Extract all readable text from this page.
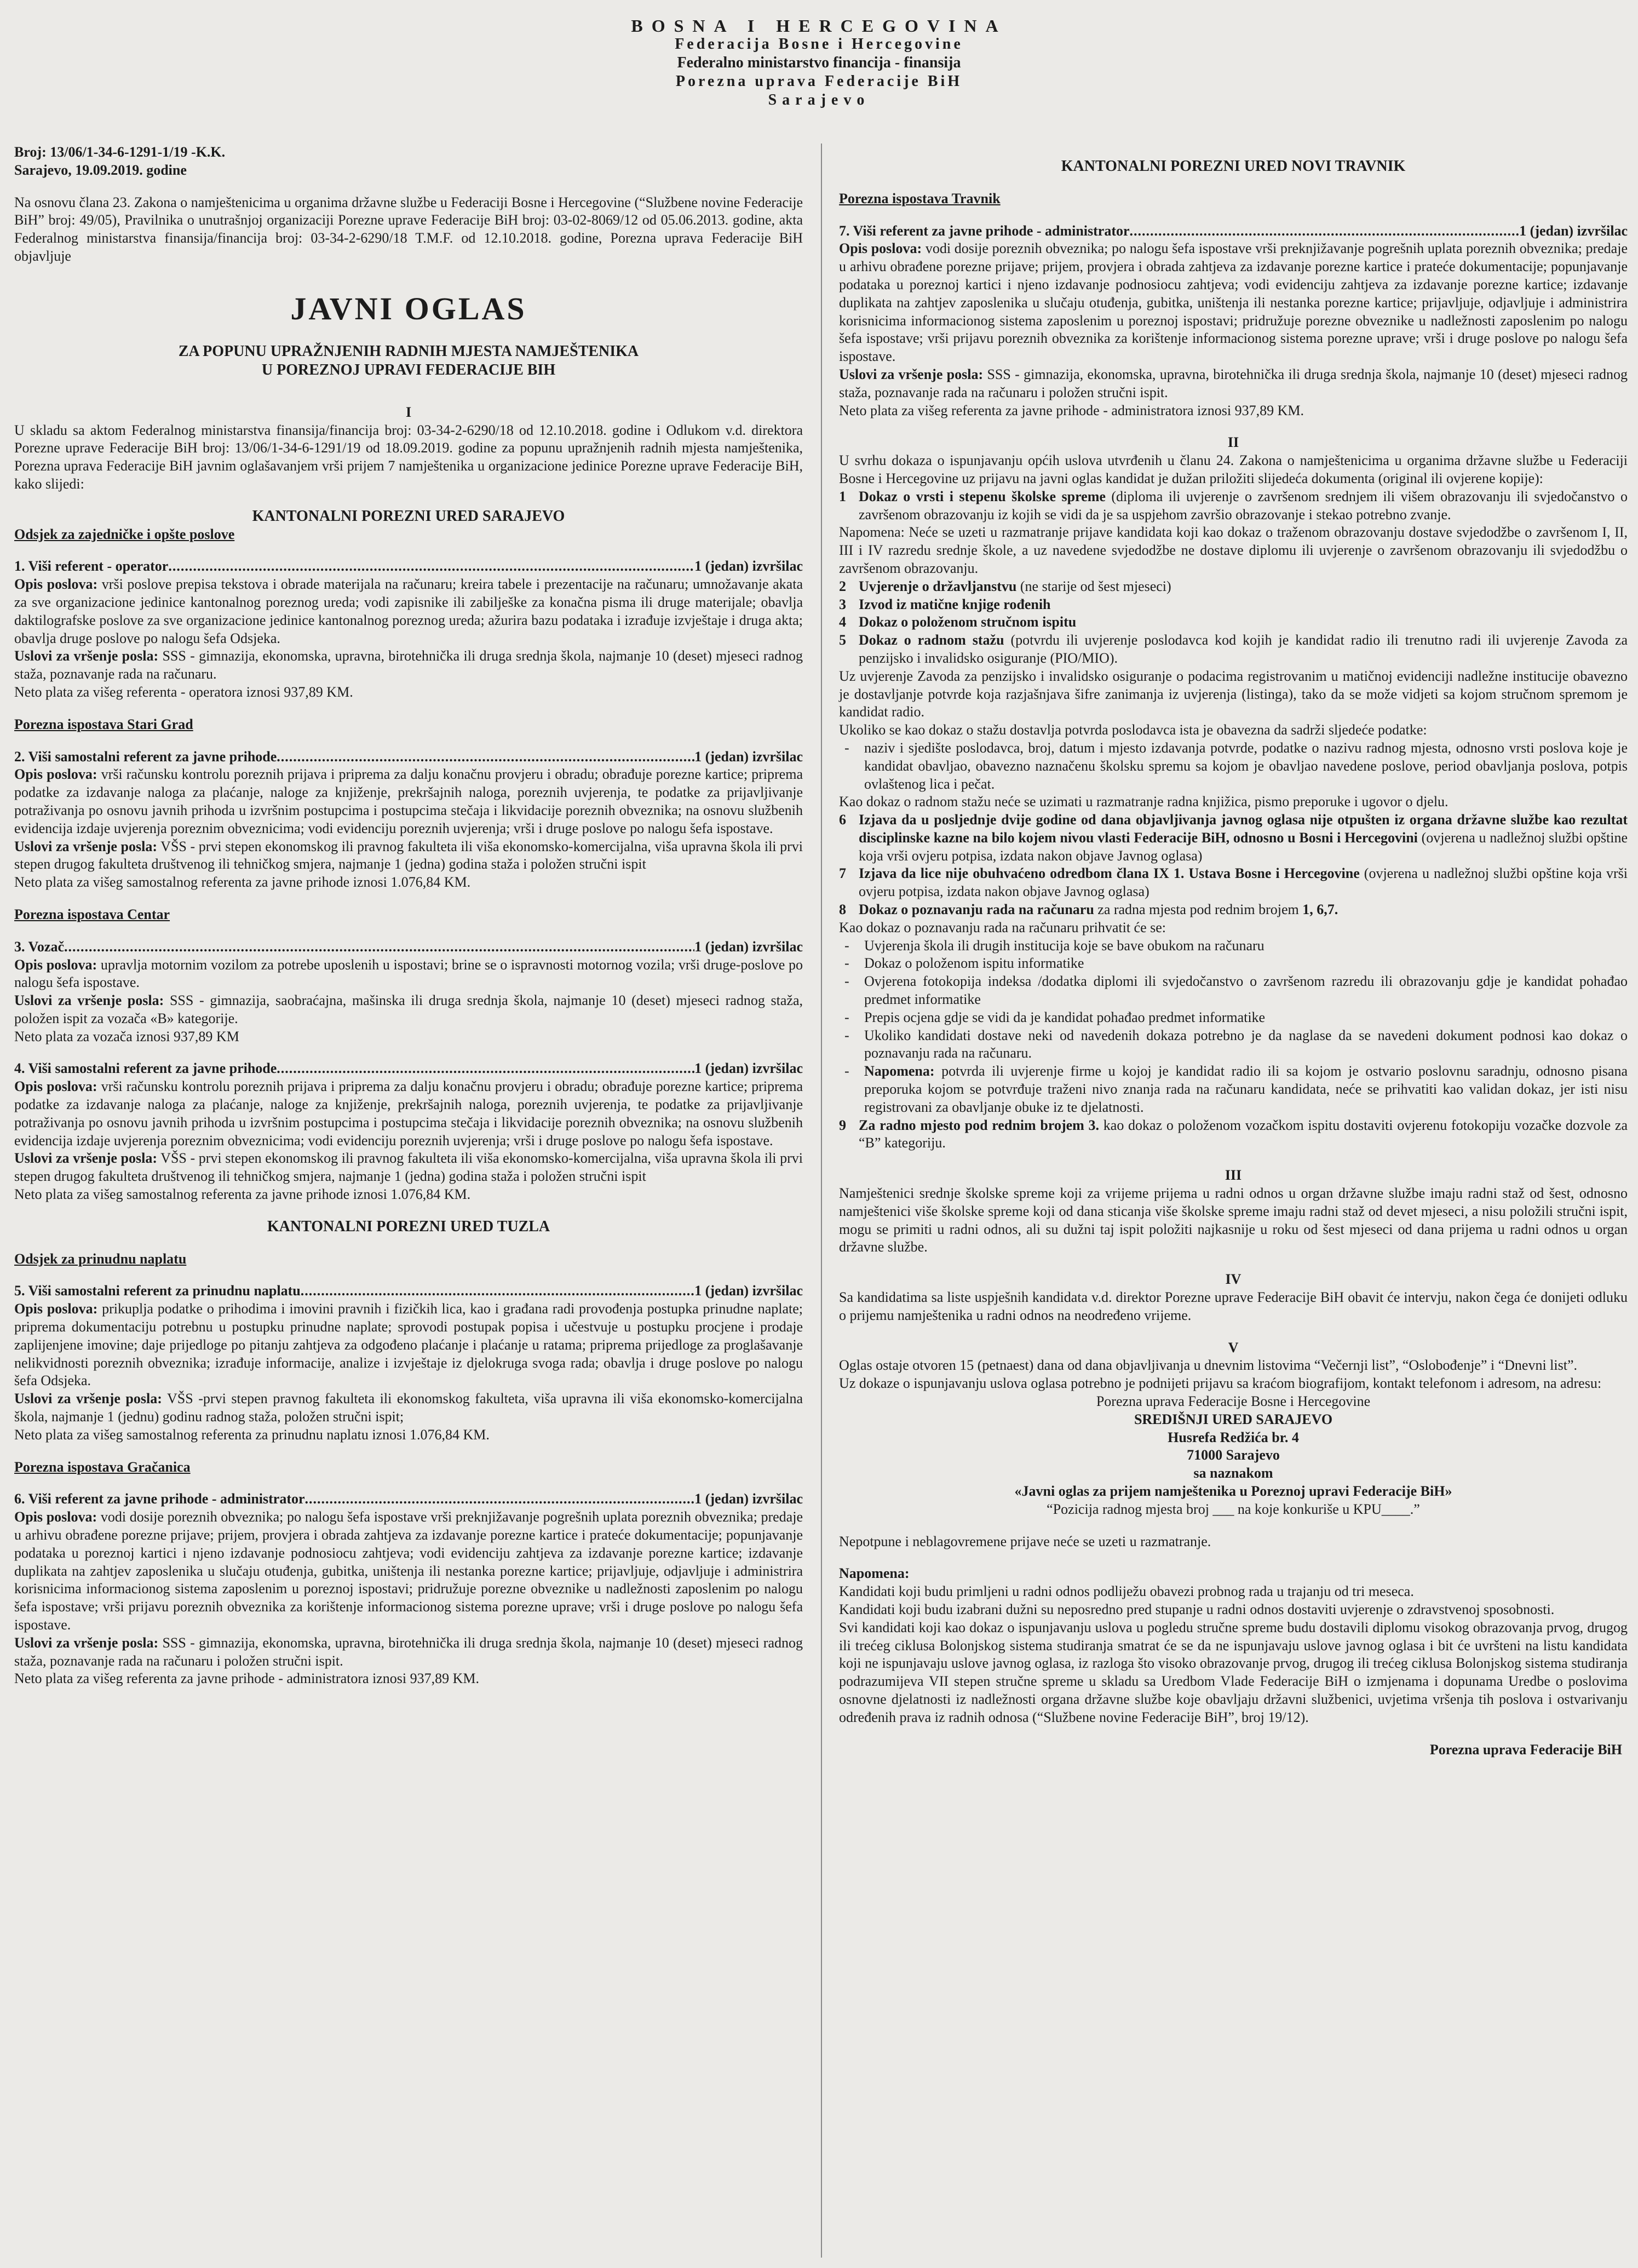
BOSNA I HERCEGOVINA
Federacija Bosne i Hercegovine
Federalno ministarstvo financija - finansija
Porezna uprava Federacije BiH
Sarajevo

Broj: 13/06/1-34-6-1291-1/19 -K.K.

Sarajevo, 19.09.2019. godine

Na osnovu člana 23. Zakona o namještenicima u organima državne službe u Federaciji Bosne i Hercegovine (“Službene novine Federacije BiH” broj: 49/05), Pravilnika o unutrašnjoj organizaciji Porezne uprave Federacije BiH broj: 03-02-8069/12 od 05.06.2013. godine, akta Federalnog ministarstva finansija/financija broj: 03-34-2-6290/18 T.M.F. od 12.10.2018. godine, Porezna uprava Federacije BiH objavljuje

JAVNI OGLAS

ZA POPUNU UPRAŽNJENIH RADNIH MJESTA NAMJEŠTENIKA

U POREZNOJ UPRAVI FEDERACIJE BIH

I

U skladu sa aktom Federalnog ministarstva finansija/financija broj: 03-34-2-6290/18 od 12.10.2018. godine i Odlukom v.d. direktora Porezne uprave Federacije BiH broj: 13/06/1-34-6-1291/19 od 18.09.2019. godine za popunu upražnjenih radnih mjesta namještenika, Porezna uprava Federacije BiH javnim oglašavanjem vrši prijem 7 namještenika u organizacione jedinice Porezne uprave Federacije BiH, kako slijedi:

KANTONALNI POREZNI URED SARAJEVO

Odsjek za zajedničke i opšte poslove

1. Viši referent - operator .....	1 (jedan) izvršilac

Opis poslova: vrši poslove prepisa tekstova i obrade materijala na računaru; kreira tabele i prezentacije na računaru; umnožavanje akata za sve organizacione jedinice kantonalnog poreznog ureda; vodi zapisnike ili zabilješke za konačna pisma ili druge materijale; obavlja daktilografske poslove za sve organizacione jedinice kantonalnog poreznog ureda; ažurira bazu podataka i izrađuje izvještaje i druga akta; obavlja druge poslove po nalogu šefa Odsjeka.

Uslovi za vršenje posla: SSS - gimnazija, ekonomska, upravna, birotehnička ili druga srednja škola, najmanje 10 (deset) mjeseci radnog staža, poznavanje rada na računaru.

Neto plata za višeg referenta - operatora iznosi 937,89 KM.

Porezna ispostava Stari Grad

2. Viši samostalni referent za javne prihode .....	1 (jedan) izvršilac

Opis poslova: vrši računsku kontrolu poreznih prijava i priprema za dalju konačnu provjeru i obradu; obrađuje porezne kartice; priprema podatke za izdavanje naloga za plaćanje, naloge za knjiženje, prekršajnih naloga, poreznih uvjerenja, te podatke za prijavljivanje potraživanja po osnovu javnih prihoda u izvršnim postupcima i postupcima stečaja i likvidacije poreznih obveznika; na osnovu službenih evidencija izdaje uvjerenja poreznim obveznicima; vodi evidenciju poreznih uvjerenja; vrši i druge poslove po nalogu šefa ispostave.

Uslovi za vršenje posla: VŠS - prvi stepen ekonomskog ili pravnog fakulteta ili viša ekonomsko-komercijalna, viša upravna škola ili prvi stepen drugog fakulteta društvenog ili tehničkog smjera, najmanje 1 (jedna) godina staža i položen stručni ispit

Neto plata za višeg samostalnog referenta za javne prihode iznosi 1.076,84 KM.

Porezna ispostava Centar

3. Vozač .....	1 (jedan) izvršilac

Opis poslova: upravlja motornim vozilom za potrebe uposlenih u ispostavi; brine se o ispravnosti motornog vozila; vrši druge-poslove po nalogu šefa ispostave.

Uslovi za vršenje posla: SSS - gimnazija, saobraćajna, mašinska ili druga srednja škola, najmanje 10 (deset) mjeseci radnog staža, položen ispit za vozača «B» kategorije.

Neto plata za vozača iznosi 937,89 KM

4. Viši samostalni referent za javne prihode .....	1 (jedan) izvršilac

Opis poslova: vrši računsku kontrolu poreznih prijava i priprema za dalju konačnu provjeru i obradu; obrađuje porezne kartice; priprema podatke za izdavanje naloga za plaćanje, naloge za knjiženje, prekršajnih naloga, poreznih uvjerenja, te podatke za prijavljivanje potraživanja po osnovu javnih prihoda u izvršnim postupcima i postupcima stečaja i likvidacije poreznih obveznika; na osnovu službenih evidencija izdaje uvjerenja poreznim obveznicima; vodi evidenciju poreznih uvjerenja; vrši i druge poslove po nalogu šefa ispostave.

Uslovi za vršenje posla: VŠS - prvi stepen ekonomskog ili pravnog fakulteta ili viša ekonomsko-komercijalna, viša upravna škola ili prvi stepen drugog fakulteta društvenog ili tehničkog smjera, najmanje 1 (jedna) godina staža i položen stručni ispit

Neto plata za višeg samostalnog referenta za javne prihode iznosi 1.076,84 KM.

KANTONALNI POREZNI URED TUZLA

Odsjek za prinudnu naplatu

5. Viši samostalni referent za prinudnu naplatu .....	1 (jedan) izvršilac

Opis poslova: prikuplja podatke o prihodima i imovini pravnih i fizičkih lica, kao i građana radi provođenja postupka prinudne naplate; priprema dokumentaciju potrebnu u postupku prinudne naplate; sprovodi postupak popisa i učestvuje u postupku procjene i prodaje zaplijenjene imovine; daje prijedloge po pitanju zahtjeva za odgođeno plaćanje i plaćanje u ratama; priprema prijedloge za proglašavanje nelikvidnosti poreznih obveznika; izrađuje informacije, analize i izvještaje iz djelokruga svoga rada; obavlja i druge poslove po nalogu šefa Odsjeka.

Uslovi za vršenje posla: VŠS -prvi stepen pravnog fakulteta ili ekonomskog fakulteta, viša upravna ili viša ekonomsko-komercijalna škola, najmanje 1 (jednu) godinu radnog staža, položen stručni ispit;

Neto plata za višeg samostalnog referenta za prinudnu naplatu iznosi 1.076,84 KM.

Porezna ispostava Gračanica

6. Viši referent za javne prihode - administrator .....	1 (jedan) izvršilac

Opis poslova: vodi dosije poreznih obveznika; po nalogu šefa ispostave vrši preknjižavanje pogrešnih uplata poreznih obveznika; predaje u arhivu obrađene porezne prijave; prijem, provjera i obrada zahtjeva za izdavanje porezne kartice i prateće dokumentacije; popunjavanje podataka u poreznoj kartici i njeno izdavanje podnosiocu zahtjeva; vodi evidenciju zahtjeva za izdavanje porezne kartice; izdavanje duplikata na zahtjev zaposlenika u slučaju otuđenja, gubitka, uništenja ili nestanka porezne kartice; prijavljuje, odjavljuje i administrira korisnicima informacionog sistema zaposlenim u poreznoj ispostavi; pridružuje porezne obveznike u nadležnosti zaposlenim po nalogu šefa ispostave; vrši prijavu poreznih obveznika za korištenje informacionog sistema porezne uprave; vrši i druge poslove po nalogu šefa ispostave.

Uslovi za vršenje posla: SSS - gimnazija, ekonomska, upravna, birotehnička ili druga srednja škola, najmanje 10 (deset) mjeseci radnog staža, poznavanje rada na računaru i položen stručni ispit.

Neto plata za višeg referenta za javne prihode - administratora iznosi 937,89 KM.

KANTONALNI POREZNI URED NOVI TRAVNIK

Porezna ispostava Travnik

7. Viši referent za javne prihode - administrator .....	1 (jedan) izvršilac

Opis poslova: vodi dosije poreznih obveznika; po nalogu šefa ispostave vrši preknjižavanje pogrešnih uplata poreznih obveznika; predaje u arhivu obrađene porezne prijave; prijem, provjera i obrada zahtjeva za izdavanje porezne kartice i prateće dokumentacije; popunjavanje podataka u poreznoj kartici i njeno izdavanje podnosiocu zahtjeva; vodi evidenciju zahtjeva za izdavanje porezne kartice; izdavanje duplikata na zahtjev zaposlenika u slučaju otuđenja, gubitka, uništenja ili nestanka porezne kartice; prijavljuje, odjavljuje i administrira korisnicima informacionog sistema zaposlenim u poreznoj ispostavi; pridružuje porezne obveznike u nadležnosti zaposlenim po nalogu šefa ispostave; vrši prijavu poreznih obveznika za korištenje informacionog sistema porezne uprave; vrši i druge poslove po nalogu šefa ispostave.

Uslovi za vršenje posla: SSS - gimnazija, ekonomska, upravna, birotehnička ili druga srednja škola, najmanje 10 (deset) mjeseci radnog staža, poznavanje rada na računaru i položen stručni ispit.

Neto plata za višeg referenta za javne prihode - administratora iznosi 937,89 KM.

II

U svrhu dokaza o ispunjavanju općih uslova utvrđenih u članu 24. Zakona o namještenicima u organima državne službe u Federaciji Bosne i Hercegovine uz prijavu na javni oglas kandidat je dužan priložiti slijedeća dokumenta (original ili ovjerene kopije):

1 Dokaz o vrsti i stepenu školske spreme (diploma ili uvjerenje o završenom srednjem ili višem obrazovanju ili svjedočanstvo o završenom obrazovanju iz kojih se vidi da je sa uspjehom završio obrazovanje i stekao potrebno zvanje.

Napomena: Neće se uzeti u razmatranje prijave kandidata koji kao dokaz o traženom obrazovanju dostave svjedodžbe o završenom I, II, III i IV razredu srednje škole, a uz navedene svjedodžbe ne dostave diplomu ili uvjerenje o završenom obrazovanju ili svjedodžbu o završenom obrazovanju.

2 Uvjerenje o državljanstvu (ne starije od šest mjeseci)
3 Izvod iz matične knjige rođenih
4 Dokaz o položenom stručnom ispitu
5 Dokaz o radnom stažu (potvrdu ili uvjerenje poslodavca kod kojih je kandidat radio ili trenutno radi ili uvjerenje Zavoda za penzijsko i invalidsko osiguranje (PIO/MIO).

Uz uvjerenje Zavoda za penzijsko i invalidsko osiguranje o podacima registrovanim u matičnoj evidenciji nadležne institucije obavezno je dostavljanje potvrde koja razjašnjava šifre zanimanja iz uvjerenja (listinga), tako da se može vidjeti sa kojom stručnom spremom je kandidat radio.

Ukoliko se kao dokaz o stažu dostavlja potvrda poslodavca ista je obavezna da sadrži sljedeće podatke:

-	naziv i sjedište poslodavca, broj, datum i mjesto izdavanja potvrde, podatke o nazivu radnog mjesta, odnosno vrsti poslova koje je kandidat obavljao, obavezno naznačenu školsku spremu sa kojom je obavljao navedene poslove, period obavljanja poslova, potpis ovlaštenog lica i pečat.

Kao dokaz o radnom stažu neće se uzimati u razmatranje radna knjižica, pismo preporuke i ugovor o djelu.

6 Izjava da u posljednje dvije godine od dana objavljivanja javnog oglasa nije otpušten iz organa državne službe kao rezultat disciplinske kazne na bilo kojem nivou vlasti Federacije BiH, odnosno u Bosni i Hercegovini (ovjerena u nadležnoj službi opštine koja vrši ovjeru potpisa, izdata nakon objave Javnog oglasa)
7 Izjava da lice nije obuhvaćeno odredbom člana IX 1. Ustava Bosne i Hercegovine (ovjerena u nadležnoj službi opštine koja vrši ovjeru potpisa, izdata nakon objave Javnog oglasa)
8 Dokaz o poznavanju rada na računaru za radna mjesta pod rednim brojem 1, 6,7.

Kao dokaz o poznavanju rada na računaru prihvatit će se:

-	Uvjerenja škola ili drugih institucija koje se bave obukom na računaru
-	Dokaz o položenom ispitu informatike
-	Ovjerena fotokopija indeksa /dodatka diplomi ili svjedočanstvo o završenom razredu ili obrazovanju gdje je kandidat pohađao predmet informatike
-	Prepis ocjena gdje se vidi da je kandidat pohađao predmet informatike
-	Ukoliko kandidati dostave neki od navedenih dokaza potrebno je da naglase da se navedeni dokument podnosi kao dokaz o poznavanju rada na računaru.
-	Napomena: potvrda ili uvjerenje firme u kojoj je kandidat radio ili sa kojom je ostvario poslovnu saradnju, odnosno pisana preporuka kojom se potvrđuje traženi nivo znanja rada na računaru kandidata, neće se prihvatiti kao validan dokaz, jer isti nisu registrovani za obavljanje obuke iz te djelatnosti.
9 Za radno mjesto pod rednim brojem 3. kao dokaz o položenom vozačkom ispitu dostaviti ovjerenu fotokopiju vozačke dozvole za “B” kategoriju.

III

Namještenici srednje školske spreme koji za vrijeme prijema u radni odnos u organ državne službe imaju radni staž od šest, odnosno namještenici više školske spreme koji od dana sticanja više školske spreme imaju radni staž od devet mjeseci, a nisu položili stručni ispit, mogu se primiti u radni odnos, ali su dužni taj ispit položiti najkasnije u roku od šest mjeseci od dana prijema u radni odnos u organ državne službe.

IV

Sa kandidatima sa liste uspješnih kandidata v.d. direktor Porezne uprave Federacije BiH obavit će intervju, nakon čega će donijeti odluku o prijemu namještenika u radni odnos na neodređeno vrijeme.

V

Oglas ostaje otvoren 15 (petnaest) dana od dana objavljivanja u dnevnim listovima “Večernji list”, “Oslobođenje” i “Dnevni list”.

Uz dokaze o ispunjavanju uslova oglasa potrebno je podnijeti prijavu sa kraćom biografijom, kontakt telefonom i adresom, na adresu:

Porezna uprava Federacije Bosne i Hercegovine

SREDIŠNJI URED SARAJEVO

Husrefa Redžića br. 4

71000 Sarajevo

sa naznakom

«Javni oglas za prijem namještenika u Poreznoj upravi Federacije BiH»

“Pozicija radnog mjesta broj ___ na koje konkuriše u KPU____.”

Nepotpune i neblagovremene prijave neće se uzeti u razmatranje.

Napomena:

Kandidati koji budu primljeni u radni odnos podliježu obavezi probnog rada u trajanju od tri meseca.

Kandidati koji budu izabrani dužni su neposredno pred stupanje u radni odnos dostaviti uvjerenje o zdravstvenoj sposobnosti.

Svi kandidati koji kao dokaz o ispunjavanju uslova u pogledu stručne spreme budu dostavili diplomu visokog obrazovanja prvog, drugog ili trećeg ciklusa Bolonjskog sistema studiranja smatrat će se da ne ispunjavaju uslove javnog oglasa i bit će uvršteni na listu kandidata koji ne ispunjavaju uslove javnog oglasa, iz razloga što visoko obrazovanje prvog, drugog ili trećeg ciklusa Bolonjskog sistema studiranja podrazumijeva VII stepen stručne spreme u skladu sa Uredbom Vlade Federacije BiH o izmjenama i dopunama Uredbe o poslovima osnovne djelatnosti iz nadležnosti organa državne službe koje obavljaju državni službenici, uvjetima vršenja tih poslova i ostvarivanju određenih prava iz radnih odnosa (“Službene novine Federacije BiH”, broj 19/12).

Porezna uprava Federacije BiH
